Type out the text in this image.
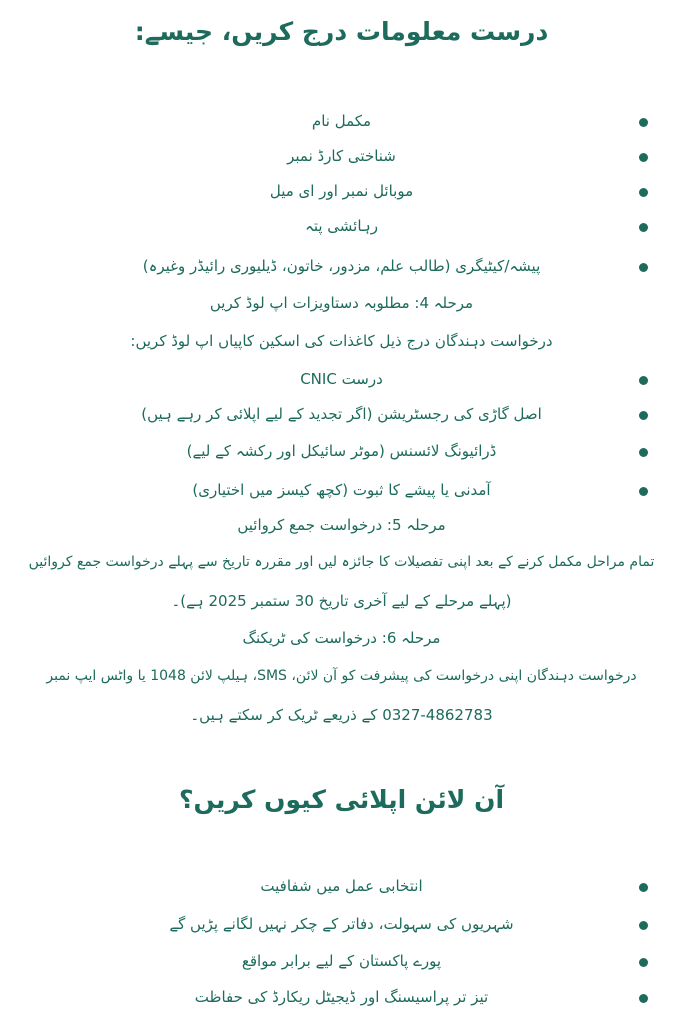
درست معلومات درج کریں، جیسے:
مکمل نام
شناختی کارڈ نمبر
موبائل نمبر اور ای میل
رہائشی پتہ
پیشہ/کیٹیگری (طالب علم، مزدور، خاتون، ڈیلیوری رائیڈر وغیرہ)
مرحلہ 4: مطلوبہ دستاویزات اپ لوڈ کریں
درخواست دہندگان درج ذیل کاغذات کی اسکین کاپیاں اپ لوڈ کریں:
درست CNIC
اصل گاڑی کی رجسٹریشن (اگر تجدید کے لیے اپلائی کر رہے ہیں)
ڈرائیونگ لائسنس (موٹر سائیکل اور رکشہ کے لیے)
آمدنی یا پیشے کا ثبوت (کچھ کیسز میں اختیاری)
مرحلہ 5: درخواست جمع کروائیں
تمام مراحل مکمل کرنے کے بعد اپنی تفصیلات کا جائزہ لیں اور مقررہ تاریخ سے پہلے درخواست جمع کروائیں
(پہلے مرحلے کے لیے آخری تاریخ 30 ستمبر 2025 ہے)۔
مرحلہ 6: درخواست کی ٹریکنگ
درخواست دہندگان اپنی درخواست کی پیشرفت کو آن لائن، SMS، ہیلپ لائن 1048 یا واٹس ایپ نمبر
0327-4862783 کے ذریعے ٹریک کر سکتے ہیں۔
آن لائن اپلائی کیوں کریں؟
انتخابی عمل میں شفافیت
شہریوں کی سہولت، دفاتر کے چکر نہیں لگانے پڑیں گے
پورے پاکستان کے لیے برابر مواقع
تیز تر پراسیسنگ اور ڈیجیٹل ریکارڈ کی حفاظت
